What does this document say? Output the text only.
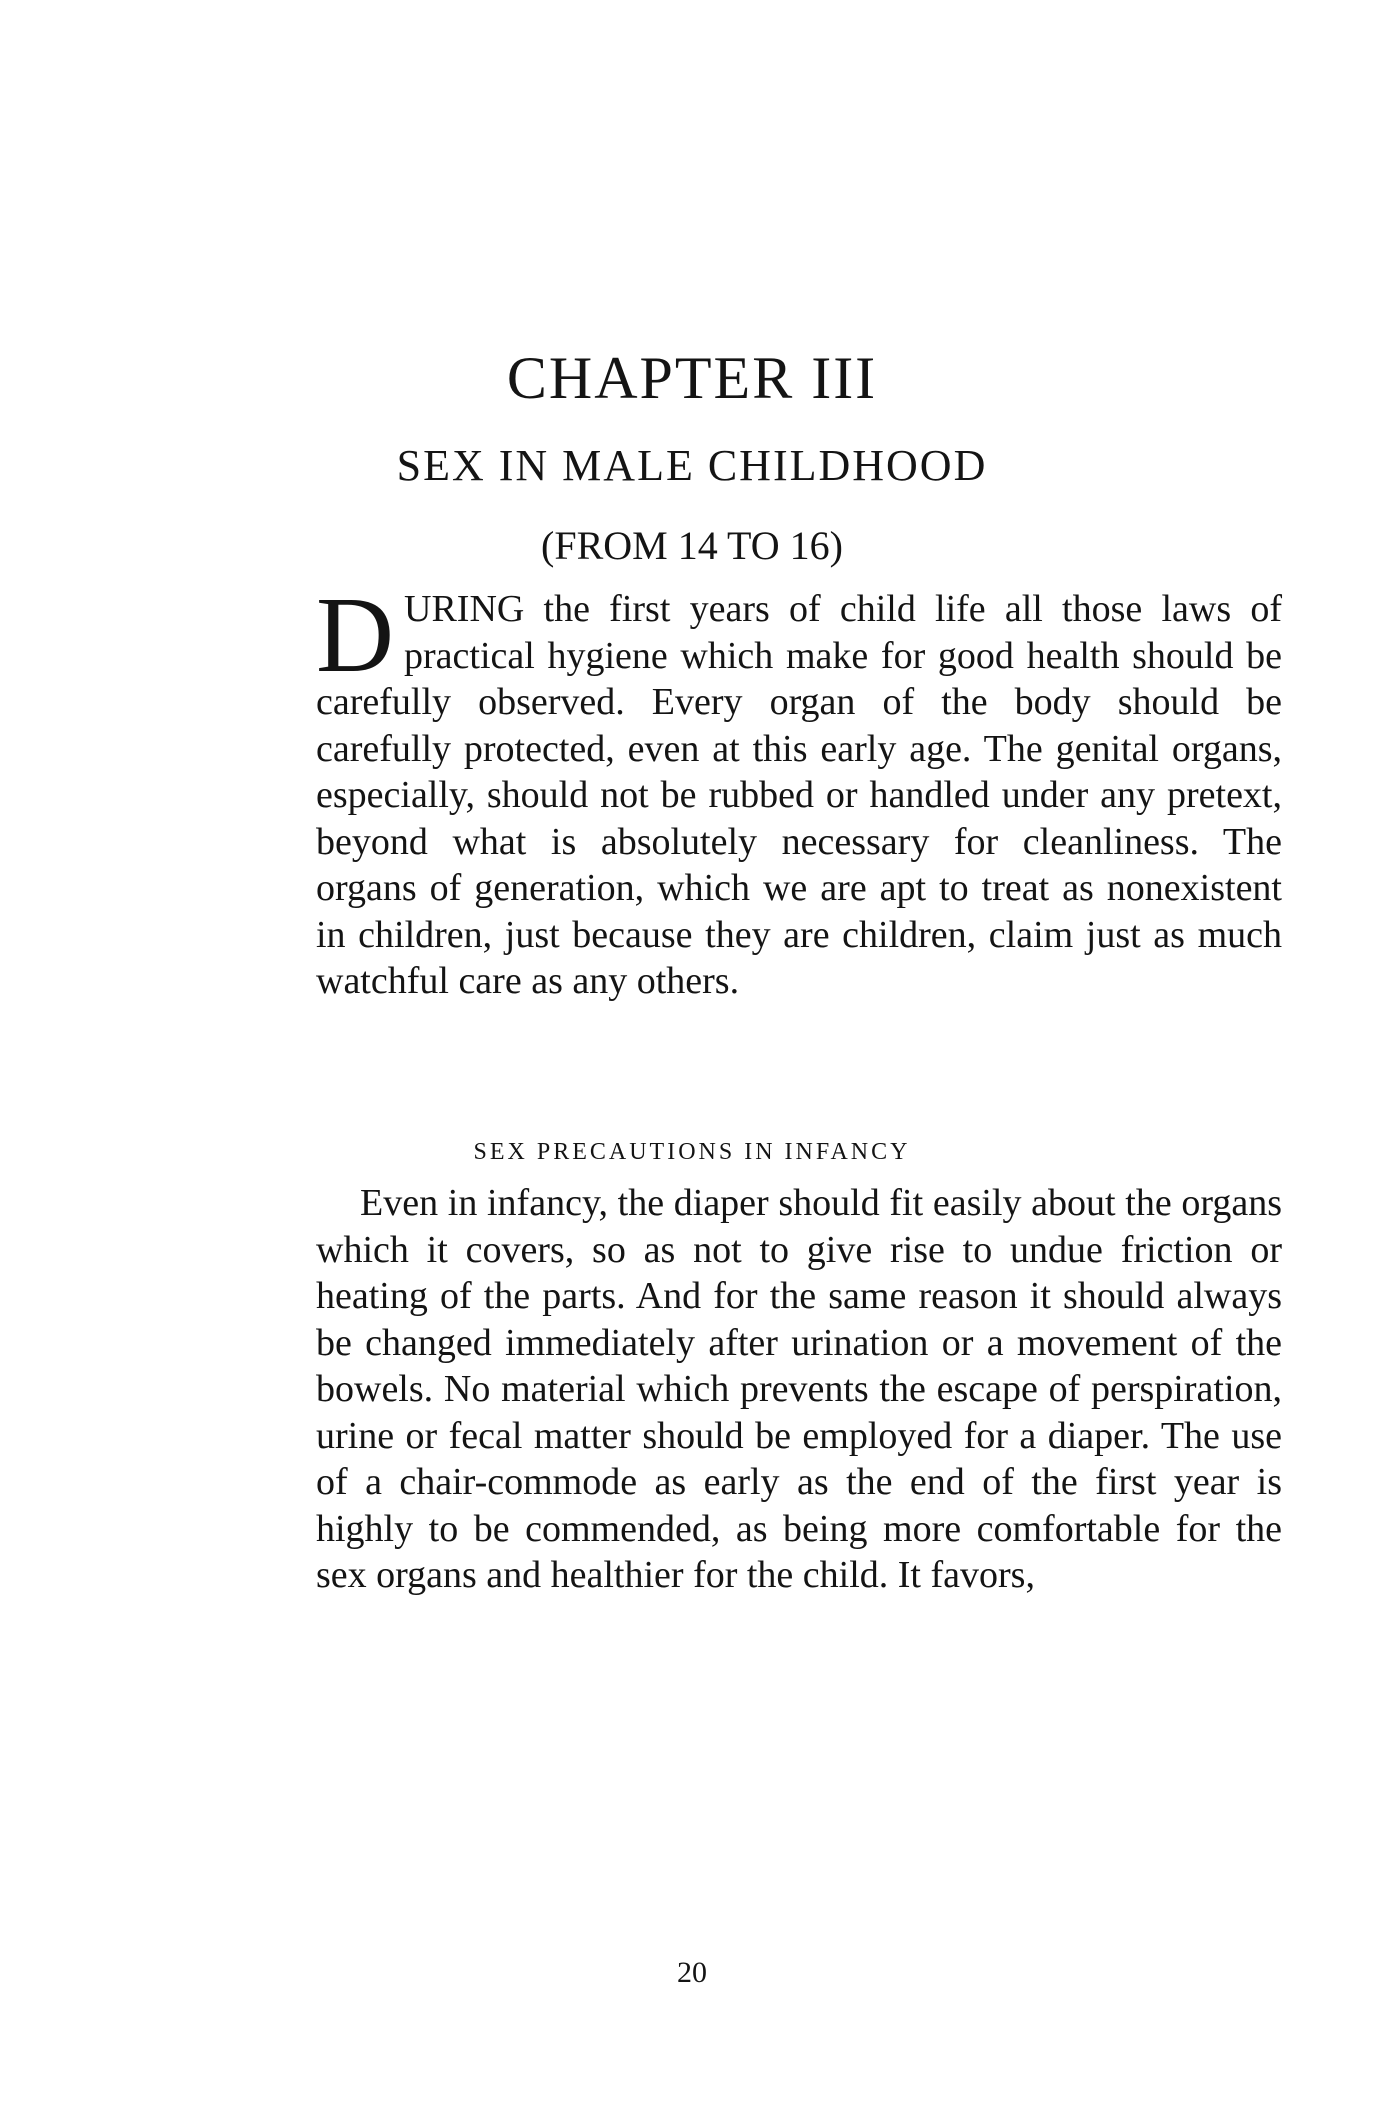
CHAPTER III
SEX IN MALE CHILDHOOD
(FROM 14 TO 16)
D URING the first years of child life all those laws of practical hygiene which make for good health should be carefully observed. Every organ of the body should be carefully protected, even at this early age. The genital organs, especially, should not be rubbed or handled under any pretext, beyond what is absolutely necessary for cleanliness. The organs of generation, which we are apt to treat as nonexistent in children, just because they are children, claim just as much watchful care as any others.
SEX PRECAUTIONS IN INFANCY
Even in infancy, the diaper should fit easily about the organs which it covers, so as not to give rise to undue friction or heating of the parts. And for the same reason it should always be changed immediately after urination or a movement of the bowels. No material which prevents the escape of perspiration, urine or fecal matter should be employed for a diaper. The use of a chair-commode as early as the end of the first year is highly to be commended, as being more comfortable for the sex organs and healthier for the child. It favors,
20
